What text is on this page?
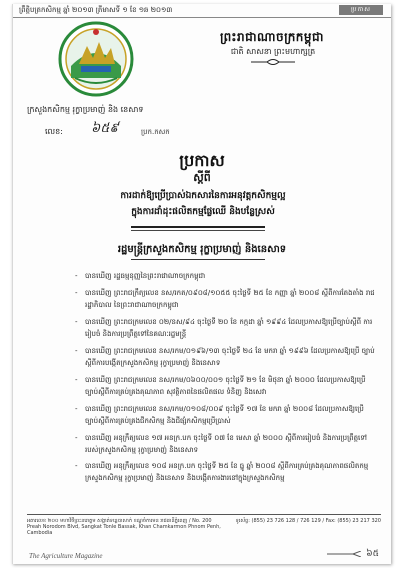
ព្រឹត្តិបត្រកសិកម្ម ឆ្នាំ ២០១៣ ត្រីមាសទី ១ ខែ ១ឆ ២០១៣	ប្រកាស
ព្រះរាជាណាចក្រកម្ពុជា
ជាតិ សាសនា ព្រះមហាក្សត្រ
ក្រសួងកសិកម្ម រុក្ខាប្រមាញ់ និង នេសាទ
លេខ: ៦៥៩	ប្រក.កសក
ប្រកាស
ស្តីពី
ការដាក់ឱ្យប្រើប្រាស់ឯកសារនៃការអនុវត្តកសិកម្មល្អ
ក្នុងការដាំដុះផលិតកម្មផ្លែឈើ និងបន្លែស្រស់
រដ្ឋមន្ត្រីក្រសួងកសិកម្ម រុក្ខាប្រមាញ់ និងនេសាទ
- បានឃើញ រដ្ឋធម្មនុញ្ញនៃព្រះរាជាណាចក្រកម្ពុជា
- បានឃើញ ព្រះរាជក្រឹត្យលេខ នស/រកត/០៩០៨/១០៥៥ ចុះថ្ងៃទី ២៥ ខែ កញ្ញា ឆ្នាំ ២០០៨ ស្តីពីការតែងតាំង រាជរដ្ឋាភិបាល នៃព្រះរាជាណាចក្រកម្ពុជា
- បានឃើញ ព្រះរាជក្រមលេខ ០២/នស/៩៤ ចុះថ្ងៃទី ២០ ខែ កក្កដា ឆ្នាំ ១៩៩៤ ដែលប្រកាសឱ្យប្រើច្បាប់ស្តីពី ការរៀបចំ និងការប្រព្រឹត្តទៅនៃគណៈរដ្ឋមន្ត្រី
- បានឃើញ ព្រះរាជក្រមលេខ នស/រកម/០១៩៦/១៣ ចុះថ្ងៃទី ២៤ ខែ មករា ឆ្នាំ ១៩៩៦ ដែលប្រកាសឱ្យប្រើ ច្បាប់ស្តីពីការបង្កើតក្រសួងកសិកម្ម រុក្ខាប្រមាញ់ និងនេសាទ
- បានឃើញ ព្រះរាជក្រមលេខ នស/រកម/០៦០០/០០១ ចុះថ្ងៃទី ២១ ខែ មិថុនា ឆ្នាំ ២០០០ ដែលប្រកាសឱ្យប្រើ ច្បាប់ស្តីពីការគ្រប់គ្រងគុណភាព សុវត្ថិភាពនៃផលិតផល ទំនិញ និងសេវា
- បានឃើញ ព្រះរាជក្រមលេខ នស/រកម/០១០៨/០០៩ ចុះថ្ងៃទី ១៧ ខែ មករា ឆ្នាំ ២០០៨ ដែលប្រកាសឱ្យប្រើ ច្បាប់ស្តីពីការគ្រប់គ្រងជីកសិកម្ម និងជីផ្សំកសិកម្មប្រើប្រាស់
- បានឃើញ អនុក្រឹត្យលេខ ១៧ អនក្រ.បក ចុះថ្ងៃទី ០៧ ខែ មេសា ឆ្នាំ ២០០០ ស្តីពីការរៀបចំ និងការប្រព្រឹត្តទៅ របស់ក្រសួងកសិកម្ម រុក្ខាប្រមាញ់ និងនេសាទ
- បានឃើញ អនុក្រឹត្យលេខ ១០៨ អនក្រ.បក ចុះថ្ងៃទី ២៥ ខែ ធ្នូ ឆ្នាំ ២០០៨ ស្តីពីការគ្រប់គ្រងគុណភាពផលិតកម្ម ក្រសួងកសិកម្ម រុក្ខាប្រមាញ់ និងនេសាទ និងបង្កើតការងារនៅក្នុងក្រសួងកសិកម្ម
អគារលេខ ២០០ មហាវិថីព្រះនរោត្តម សង្កាត់ទន្លេបាសាក់ ខណ្ឌចំការមន រាជធានីភ្នំពេញ / No. 200 Preah Norodom Blvd, Sangkat Tonle Bassak, Khan Chamkarmon Phnom Penh, Cambodia
ទូរស័ព្ទ: (855) 23 726 128 / 726 129 / Fax: (855) 23 217 320
The Agriculture Magazine	៦៥
